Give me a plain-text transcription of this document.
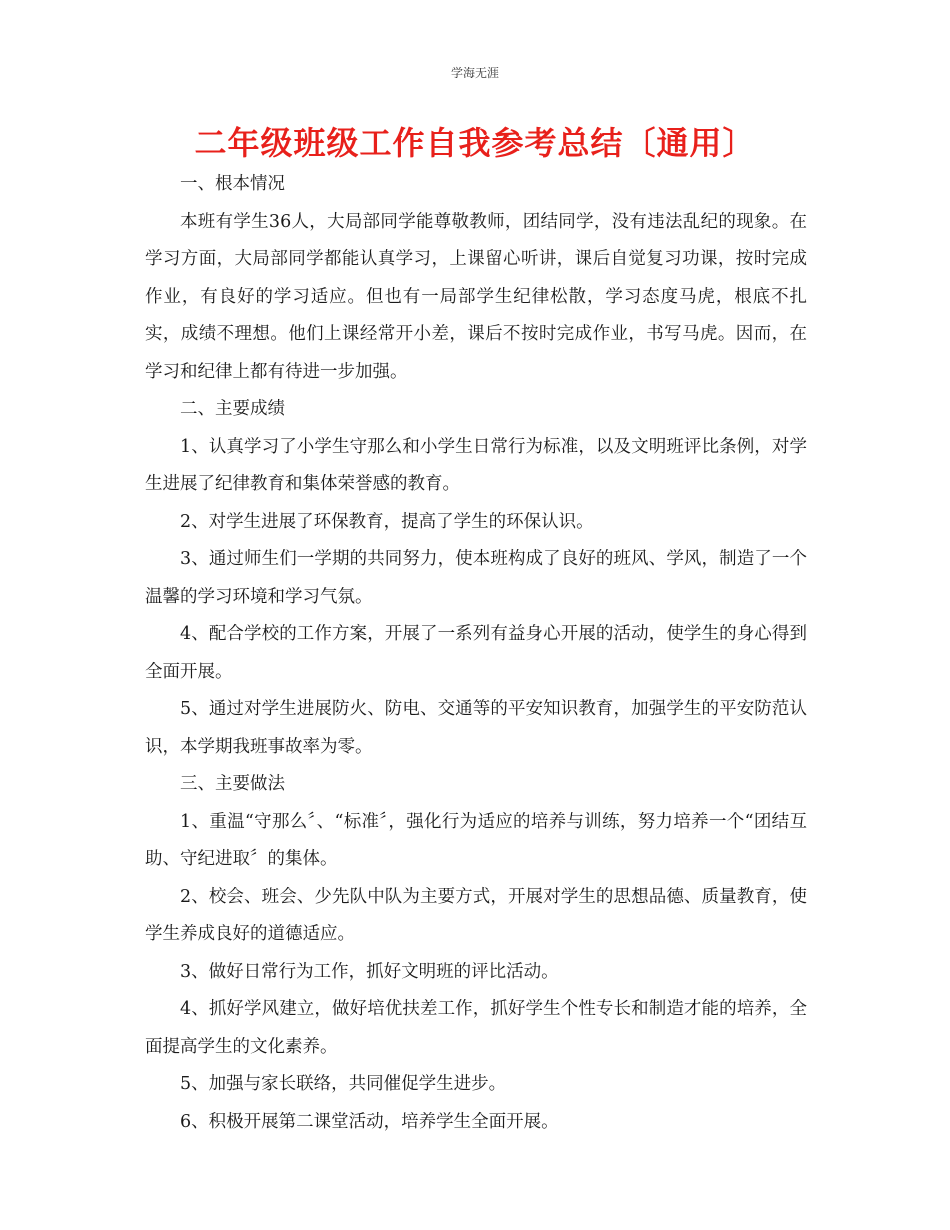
学海无涯
二年级班级工作自我参考总结〔通用〕

一、根本情况

本班有学生36人，大局部同学能尊敬教师，团结同学，没有违法乱纪的现象。在学习方面，大局部同学都能认真学习，上课留心听讲，课后自觉复习功课，按时完成作业，有良好的学习适应。但也有一局部学生纪律松散，学习态度马虎，根底不扎实，成绩不理想。他们上课经常开小差，课后不按时完成作业，书写马虎。因而，在学习和纪律上都有待进一步加强。

二、主要成绩

1、认真学习了小学生守那么和小学生日常行为标准，以及文明班评比条例，对学生进展了纪律教育和集体荣誉感的教育。

2、对学生进展了环保教育，提高了学生的环保认识。

3、通过师生们一学期的共同努力，使本班构成了良好的班风、学风，制造了一个温馨的学习环境和学习气氛。

4、配合学校的工作方案，开展了一系列有益身心开展的活动，使学生的身心得到全面开展。

5、通过对学生进展防火、防电、交通等的平安知识教育，加强学生的平安防范认识，本学期我班事故率为零。

三、主要做法

1、重温“守那么〞、“标准〞，强化行为适应的培养与训练，努力培养一个“团结互助、守纪进取〞的集体。

2、校会、班会、少先队中队为主要方式，开展对学生的思想品德、质量教育，使学生养成良好的道德适应。

3、做好日常行为工作，抓好文明班的评比活动。

4、抓好学风建立，做好培优扶差工作，抓好学生个性专长和制造才能的培养，全面提高学生的文化素养。

5、加强与家长联络，共同催促学生进步。

6、积极开展第二课堂活动，培养学生全面开展。
